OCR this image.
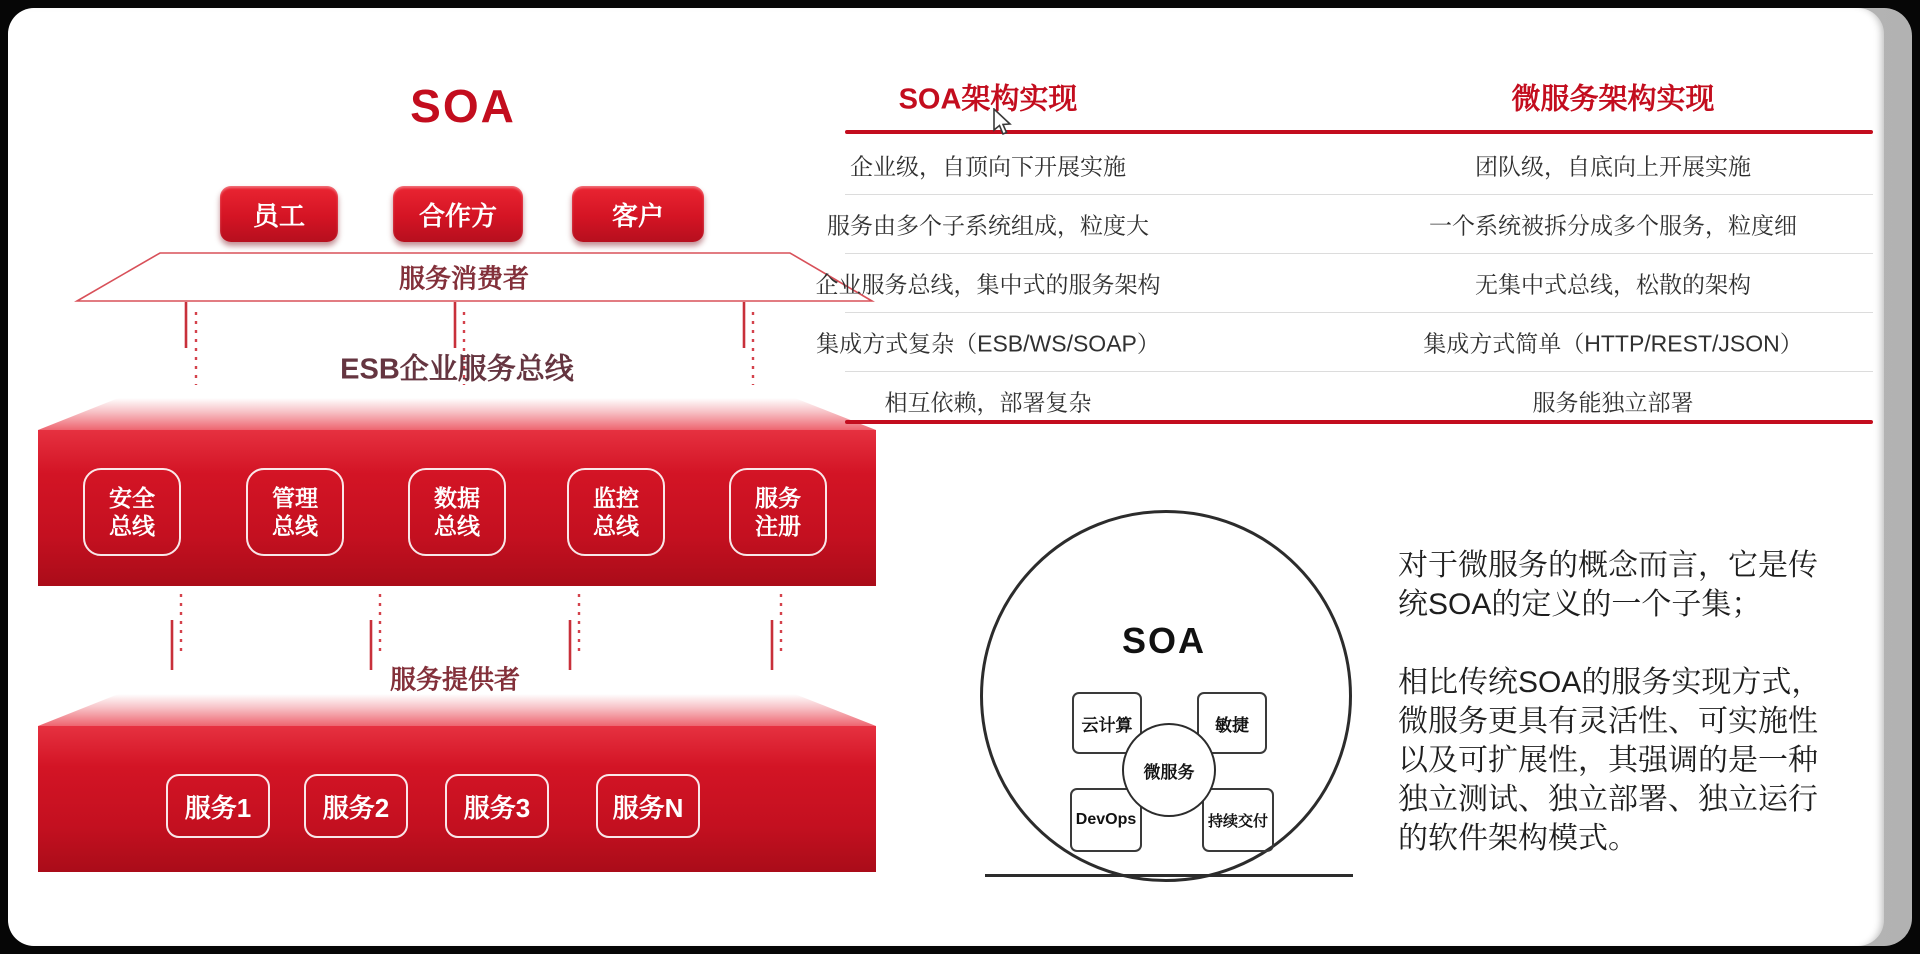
SOA
员工	合作方	客户
服务消费者
ESB企业服务总线
安全
总线
管理
总线
数据
总线
监控
总线
服务
注册
服务提供者
服务1	服务2	服务3	服务N
SOA架构实现	微服务架构实现
企业级，自顶向下开展实施	团队级，自底向上开展实施
服务由多个子系统组成，粒度大	一个系统被拆分成多个服务，粒度细
企业服务总线，集中式的服务架构	无集中式总线，松散的架构
集成方式复杂（ESB/WS/SOAP）	集成方式简单（HTTP/REST/JSON）
相互依赖，部署复杂	服务能独立部署
SOA
云计算	敏捷
DevOps	持续交付
微服务
对于微服务的概念而言，它是传
统SOA的定义的一个子集；
相比传统SOA的服务实现方式，
微服务更具有灵活性、可实施性
以及可扩展性，其强调的是一种
独立测试、独立部署、独立运行
的软件架构模式。
